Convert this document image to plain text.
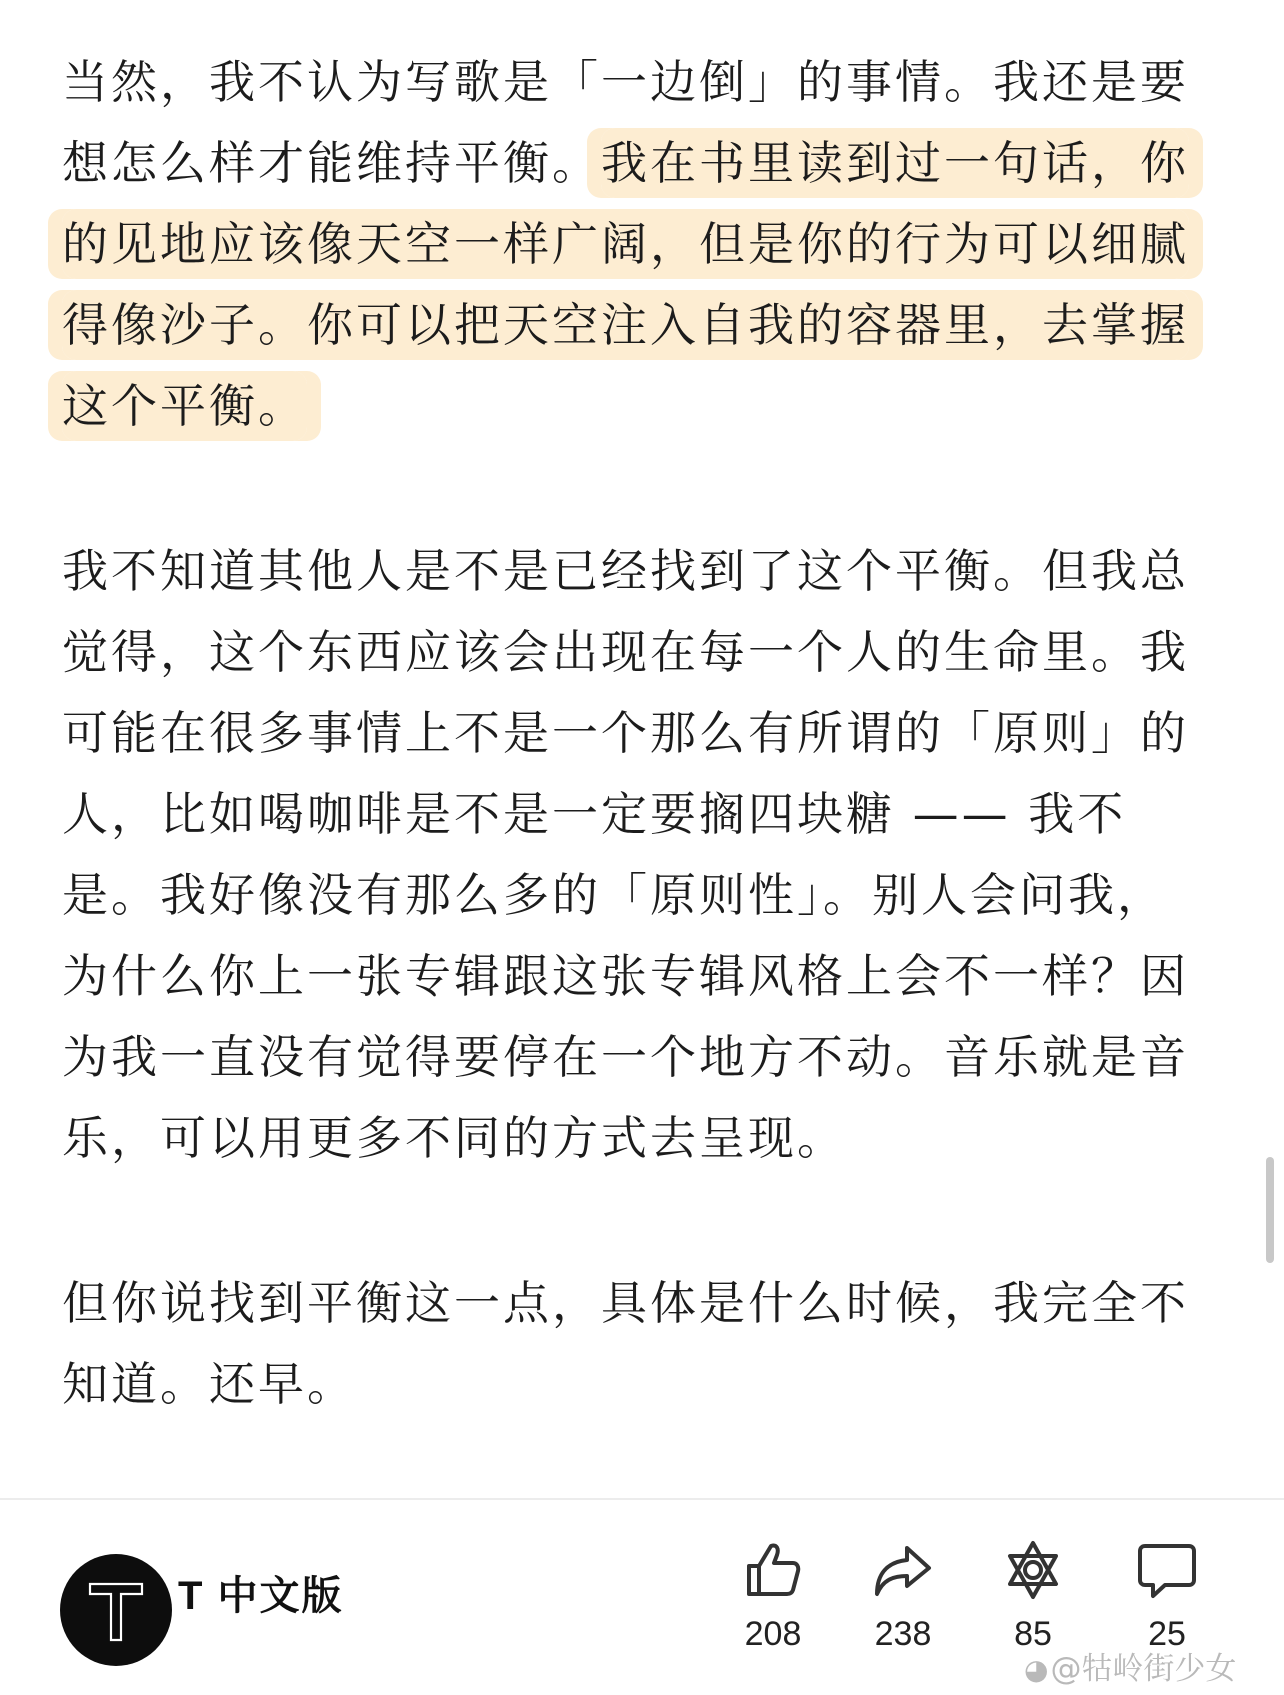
当然，我不认为写歌是「一边倒」的事情。我还是要
想怎么样才能维持平衡。我在书里读到过一句话，你
的见地应该像天空一样广阔，但是你的行为可以细腻
得像沙子。你可以把天空注入自我的容器里，去掌握
这个平衡。
我不知道其他人是不是已经找到了这个平衡。但我总
觉得，这个东西应该会出现在每一个人的生命里。我
可能在很多事情上不是一个那么有所谓的「原则」的
人，比如喝咖啡是不是一定要搁四块糖 —— 我不
是。我好像没有那么多的「原则性」。别人会问我，
为什么你上一张专辑跟这张专辑风格上会不一样？因
为我一直没有觉得要停在一个地方不动。音乐就是音
乐，可以用更多不同的方式去呈现。
但你说找到平衡这一点，具体是什么时候，我完全不
知道。还早。
T 中文版
208	238	85	25
◕@牯岭街少女
